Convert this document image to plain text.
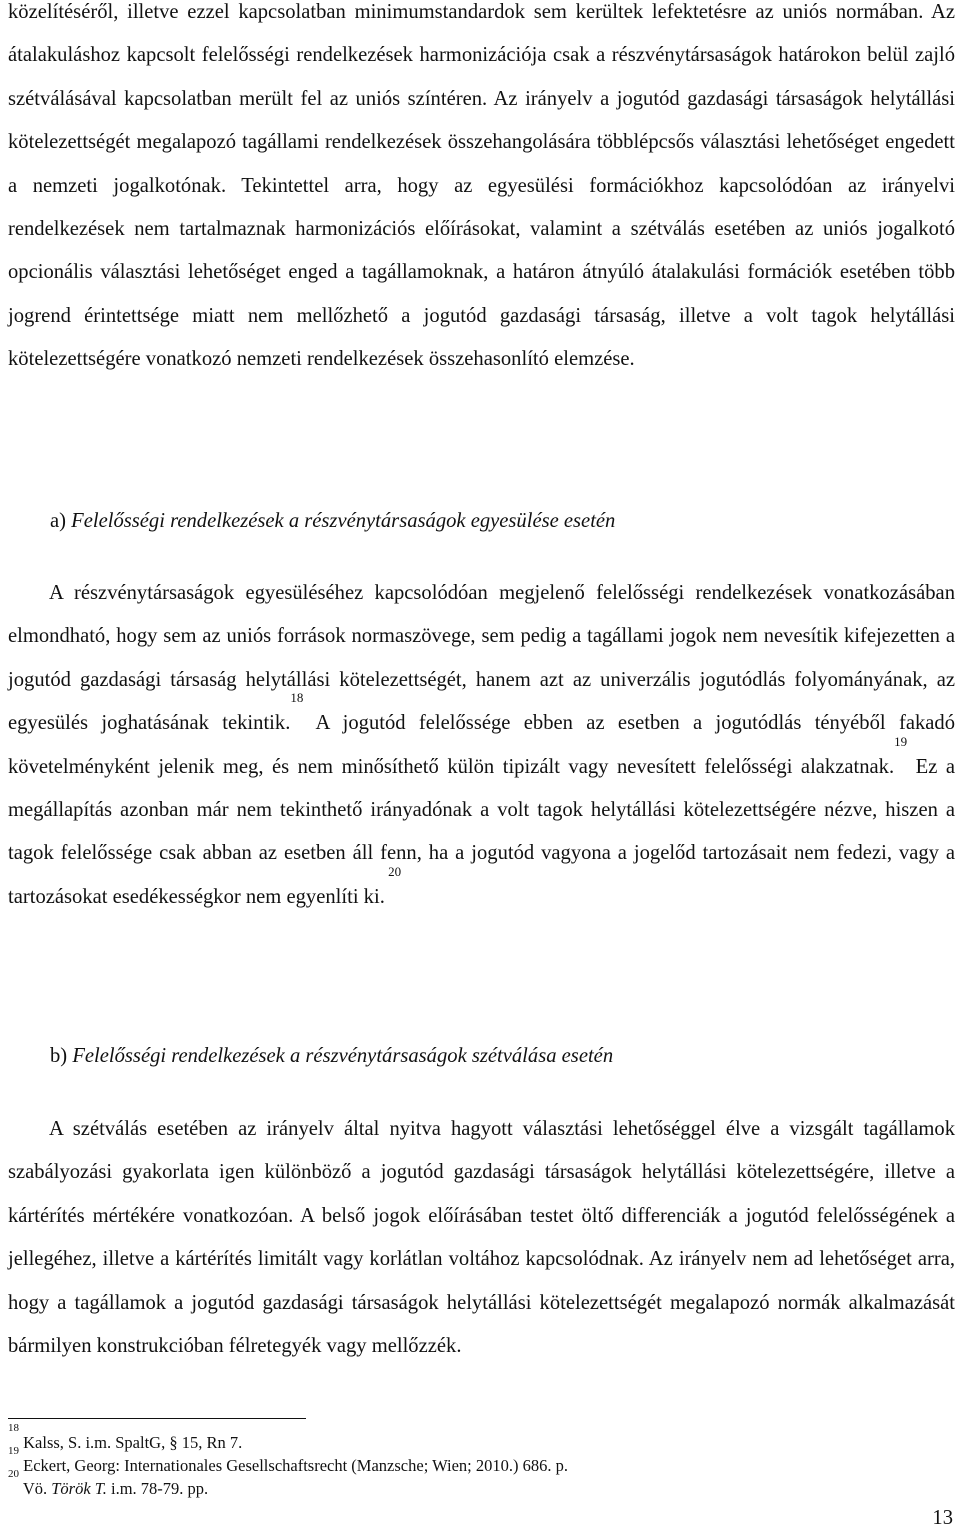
közelítéséről, illetve ezzel kapcsolatban minimumstandardok sem kerültek lefektetésre az uniós normában. Az átalakuláshoz kapcsolt felelősségi rendelkezések harmonizációja csak a részvénytársaságok határokon belül zajló szétválásával kapcsolatban merült fel az uniós színtéren. Az irányelv a jogutód gazdasági társaságok helytállási kötelezettségét megalapozó tagállami rendelkezések összehangolására többlépcsős választási lehetőséget engedett a nemzeti jogalkotónak. Tekintettel arra, hogy az egyesülési formációkhoz kapcsolódóan az irányelvi rendelkezések nem tartalmaznak harmonizációs előírásokat, valamint a szétválás esetében az uniós jogalkotó opcionális választási lehetőséget enged a tagállamoknak, a határon átnyúló átalakulási formációk esetében több jogrend érintettsége miatt nem mellőzhető a jogutód gazdasági társaság, illetve a volt tagok helytállási kötelezettségére vonatkozó nemzeti rendelkezések összehasonlító elemzése.

a) Felelősségi rendelkezések a részvénytársaságok egyesülése esetén

A részvénytársaságok egyesüléséhez kapcsolódóan megjelenő felelősségi rendelkezések vonatkozásában elmondható, hogy sem az uniós források normaszövege, sem pedig a tagállami jogok nem nevesítik kifejezetten a jogutód gazdasági társaság helytállási kötelezettségét, hanem azt az univerzális jogutódlás folyományának, az egyesülés joghatásának tekintik.$^{18}$ A jogutód felelőssége ebben az esetben a jogutódlás tényéből fakadó követelményként jelenik meg, és nem minősíthető külön tipizált vagy nevesített felelősségi alakzatnak.$^{19}$ Ez a megállapítás azonban már nem tekinthető irányadónak a volt tagok helytállási kötelezettségére nézve, hiszen a tagok felelőssége csak abban az esetben áll fenn, ha a jogutód vagyona a jogelőd tartozásait nem fedezi, vagy a tartozásokat esedékességkor nem egyenlíti ki. $^{20}$

b) Felelősségi rendelkezések a részvénytársaságok szétválása esetén

A szétválás esetében az irányelv által nyitva hagyott választási lehetőséggel élve a vizsgált tagállamok szabályozási gyakorlata igen különböző a jogutód gazdasági társaságok helytállási kötelezettségére, illetve a kártérítés mértékére vonatkozóan. A belső jogok előírásában testet öltő differenciák a jogutód felelősségének a jellegéhez, illetve a kártérítés limitált vagy korlátlan voltához kapcsolódnak. Az irányelv nem ad lehetőséget arra, hogy a tagállamok a jogutód gazdasági társaságok helytállási kötelezettségét megalapozó normák alkalmazását bármilyen konstrukcióban félretegyék vagy mellőzzék.

$^{18}$ Kalss, S. i.m. SpaltG, § 15, Rn 7.
$^{19}$ Eckert, Georg: Internationales Gesellschaftsrecht (Manzsche; Wien; 2010.) 686. p.
$^{20}$ Vö. Török T. i.m. 78-79. pp.
13
